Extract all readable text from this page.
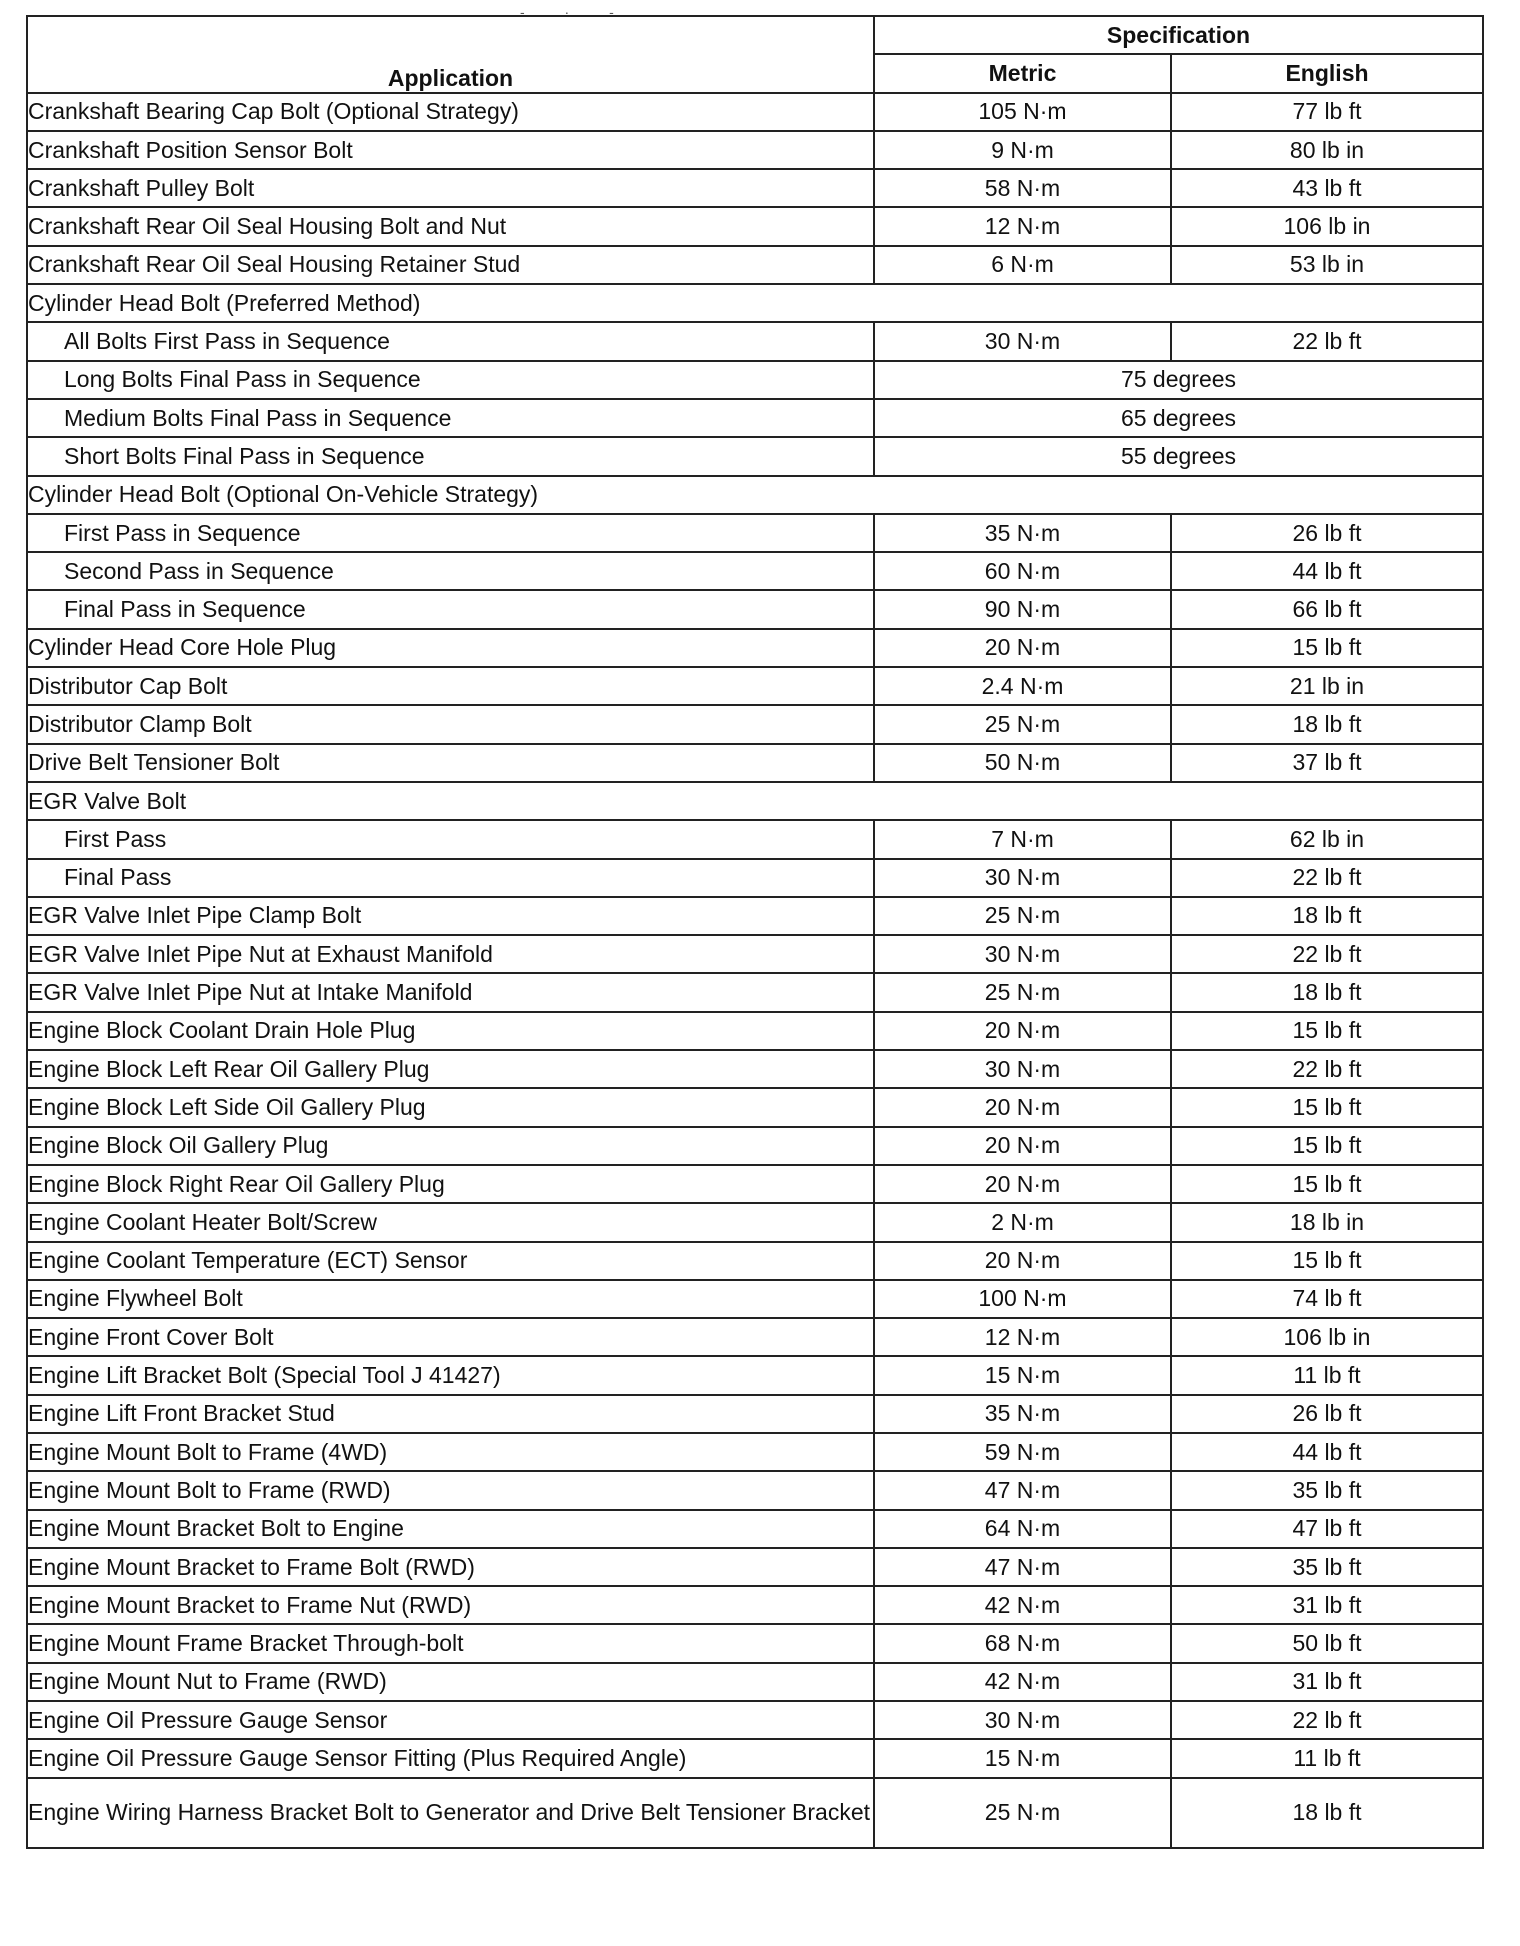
- · -
Application	Specification	
	Metric	English
Crankshaft Bearing Cap Bolt (Optional Strategy)	105 N·m	77 lb ft
Crankshaft Position Sensor Bolt	9 N·m	80 lb in
Crankshaft Pulley Bolt	58 N·m	43 lb ft
Crankshaft Rear Oil Seal Housing Bolt and Nut	12 N·m	106 lb in
Crankshaft Rear Oil Seal Housing Retainer Stud	6 N·m	53 lb in
Cylinder Head Bolt (Preferred Method)		
All Bolts First Pass in Sequence	30 N·m	22 lb ft
Long Bolts Final Pass in Sequence	75 degrees	
Medium Bolts Final Pass in Sequence	65 degrees	
Short Bolts Final Pass in Sequence	55 degrees	
Cylinder Head Bolt (Optional On-Vehicle Strategy)		
First Pass in Sequence	35 N·m	26 lb ft
Second Pass in Sequence	60 N·m	44 lb ft
Final Pass in Sequence	90 N·m	66 lb ft
Cylinder Head Core Hole Plug	20 N·m	15 lb ft
Distributor Cap Bolt	2.4 N·m	21 lb in
Distributor Clamp Bolt	25 N·m	18 lb ft
Drive Belt Tensioner Bolt	50 N·m	37 lb ft
EGR Valve Bolt		
First Pass	7 N·m	62 lb in
Final Pass	30 N·m	22 lb ft
EGR Valve Inlet Pipe Clamp Bolt	25 N·m	18 lb ft
EGR Valve Inlet Pipe Nut at Exhaust Manifold	30 N·m	22 lb ft
EGR Valve Inlet Pipe Nut at Intake Manifold	25 N·m	18 lb ft
Engine Block Coolant Drain Hole Plug	20 N·m	15 lb ft
Engine Block Left Rear Oil Gallery Plug	30 N·m	22 lb ft
Engine Block Left Side Oil Gallery Plug	20 N·m	15 lb ft
Engine Block Oil Gallery Plug	20 N·m	15 lb ft
Engine Block Right Rear Oil Gallery Plug	20 N·m	15 lb ft
Engine Coolant Heater Bolt/Screw	2 N·m	18 lb in
Engine Coolant Temperature (ECT) Sensor	20 N·m	15 lb ft
Engine Flywheel Bolt	100 N·m	74 lb ft
Engine Front Cover Bolt	12 N·m	106 lb in
Engine Lift Bracket Bolt (Special Tool J 41427)	15 N·m	11 lb ft
Engine Lift Front Bracket Stud	35 N·m	26 lb ft
Engine Mount Bolt to Frame (4WD)	59 N·m	44 lb ft
Engine Mount Bolt to Frame (RWD)	47 N·m	35 lb ft
Engine Mount Bracket Bolt to Engine	64 N·m	47 lb ft
Engine Mount Bracket to Frame Bolt (RWD)	47 N·m	35 lb ft
Engine Mount Bracket to Frame Nut (RWD)	42 N·m	31 lb ft
Engine Mount Frame Bracket Through-bolt	68 N·m	50 lb ft
Engine Mount Nut to Frame (RWD)	42 N·m	31 lb ft
Engine Oil Pressure Gauge Sensor	30 N·m	22 lb ft
Engine Oil Pressure Gauge Sensor Fitting (Plus Required Angle)	15 N·m	11 lb ft
Engine Wiring Harness Bracket Bolt to Generator and Drive Belt Tensioner Bracket	25 N·m	18 lb ft
